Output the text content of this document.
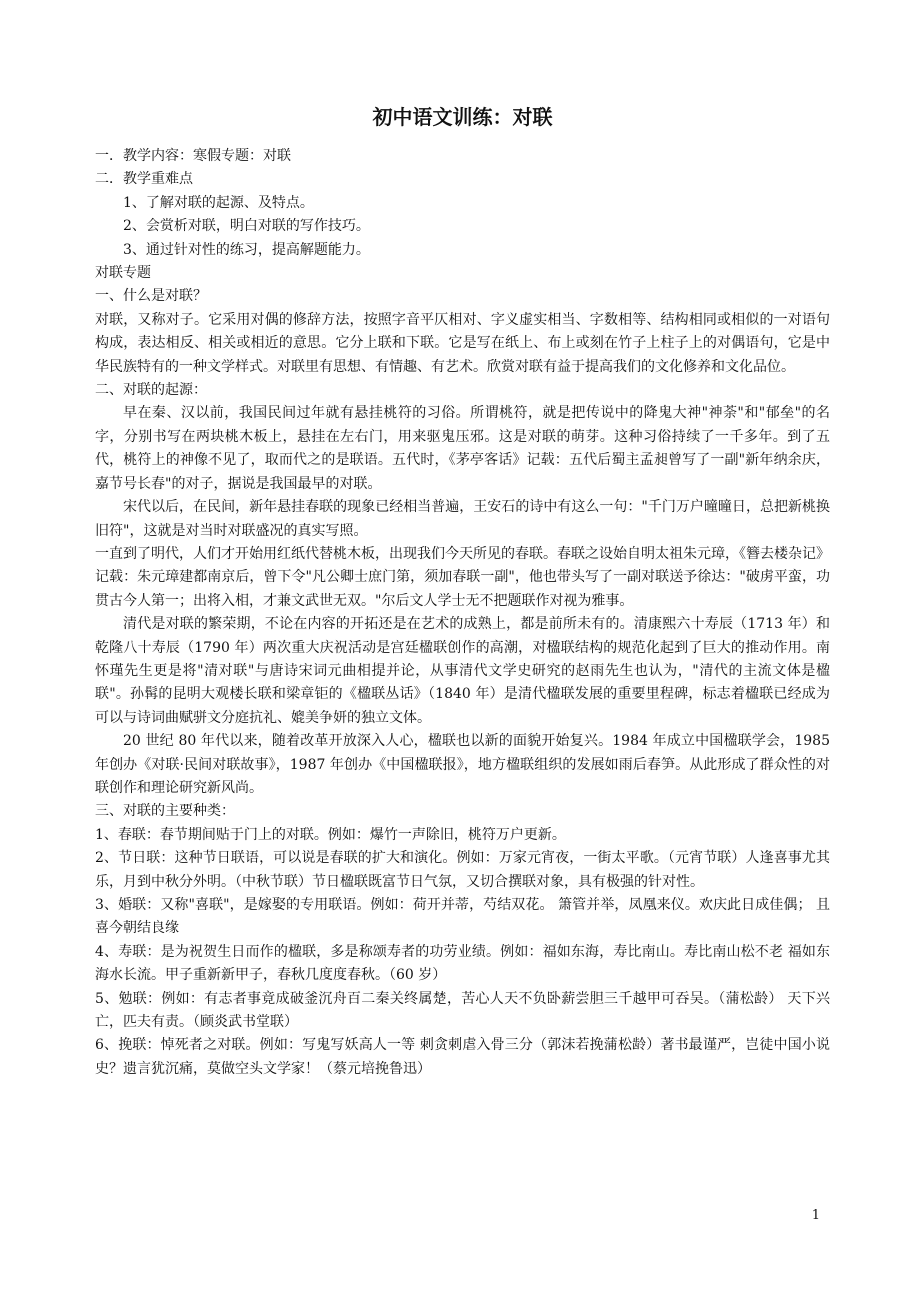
初中语文训练：对联

一．教学内容：寒假专题：对联

二．教学重难点

1、了解对联的起源、及特点。

2、会赏析对联，明白对联的写作技巧。

3、通过针对性的练习，提高解题能力。

对联专题

一、什么是对联？

对联，又称对子。它采用对偶的修辞方法，按照字音平仄相对、字义虚实相当、字数相等、结构相同或相似的一对语句构成，表达相反、相关或相近的意思。它分上联和下联。它是写在纸上、布上或刻在竹子上柱子上的对偶语句，它是中华民族特有的一种文学样式。对联里有思想、有情趣、有艺术。欣赏对联有益于提高我们的文化修养和文化品位。

二、对联的起源：

早在秦、汉以前，我国民间过年就有悬挂桃符的习俗。所谓桃符，就是把传说中的降鬼大神"神荼"和"郁垒"的名字，分别书写在两块桃木板上，悬挂在左右门，用来驱鬼压邪。这是对联的萌芽。这种习俗持续了一千多年。到了五代，桃符上的神像不见了，取而代之的是联语。五代时，《茅亭客话》记载：五代后蜀主孟昶曾写了一副"新年纳余庆，嘉节号长春"的对子，据说是我国最早的对联。

宋代以后，在民间，新年悬挂春联的现象已经相当普遍，王安石的诗中有这么一句："千门万户曈曈日，总把新桃换旧符"，这就是对当时对联盛况的真实写照。

一直到了明代，人们才开始用红纸代替桃木板，出现我们今天所见的春联。春联之设始自明太祖朱元璋，《簪去楼杂记》记载：朱元璋建都南京后，曾下令"凡公卿士庶门第，须加春联一副"，他也带头写了一副对联送予徐达："破虏平蛮，功贯古今人第一；出将入相，才兼文武世无双。"尔后文人学士无不把题联作对视为雅事。

清代是对联的繁荣期，不论在内容的开拓还是在艺术的成熟上，都是前所未有的。清康熙六十寿辰（1713 年）和乾隆八十寿辰（1790 年）两次重大庆祝活动是宫廷楹联创作的高潮，对楹联结构的规范化起到了巨大的推动作用。南怀瑾先生更是将"清对联"与唐诗宋词元曲相提并论，从事清代文学史研究的赵雨先生也认为，"清代的主流文体是楹联"。孙髯的昆明大观楼长联和梁章钜的《楹联丛话》（1840 年）是清代楹联发展的重要里程碑，标志着楹联已经成为可以与诗词曲赋骈文分庭抗礼、媲美争妍的独立文体。

20 世纪 80 年代以来，随着改革开放深入人心，楹联也以新的面貌开始复兴。1984 年成立中国楹联学会，1985 年创办《对联·民间对联故事》，1987 年创办《中国楹联报》，地方楹联组织的发展如雨后春笋。从此形成了群众性的对联创作和理论研究新风尚。

三、对联的主要种类：

1、春联：春节期间贴于门上的对联。例如：爆竹一声除旧，桃符万户更新。

2、节日联：这种节日联语，可以说是春联的扩大和演化。例如：万家元宵夜，一街太平歌。（元宵节联）人逢喜事尤其乐，月到中秋分外明。（中秋节联）节日楹联既富节日气氛，又切合撰联对象，具有极强的针对性。

3、婚联：又称"喜联"，是嫁娶的专用联语。例如：荷开并蒂，芍结双花。 箫管并举，凤凰来仪。欢庆此日成佳偶； 且喜今朝结良缘

4、寿联：是为祝贺生日而作的楹联，多是称颂寿者的功劳业绩。例如：福如东海，寿比南山。寿比南山松不老 福如东海水长流。甲子重新新甲子，春秋几度度春秋。（60 岁）

5、勉联：例如：有志者事竟成破釜沉舟百二秦关终属楚，苦心人天不负卧薪尝胆三千越甲可吞吴。（蒲松龄） 天下兴亡，匹夫有责。（顾炎武书堂联）

6、挽联：悼死者之对联。例如：写鬼写妖高人一等 刺贪刺虐入骨三分（郭沫若挽蒲松龄）著书最谨严，岂徒中国小说史？遗言犹沉痛，莫做空头文学家！（蔡元培挽鲁迅）

1
